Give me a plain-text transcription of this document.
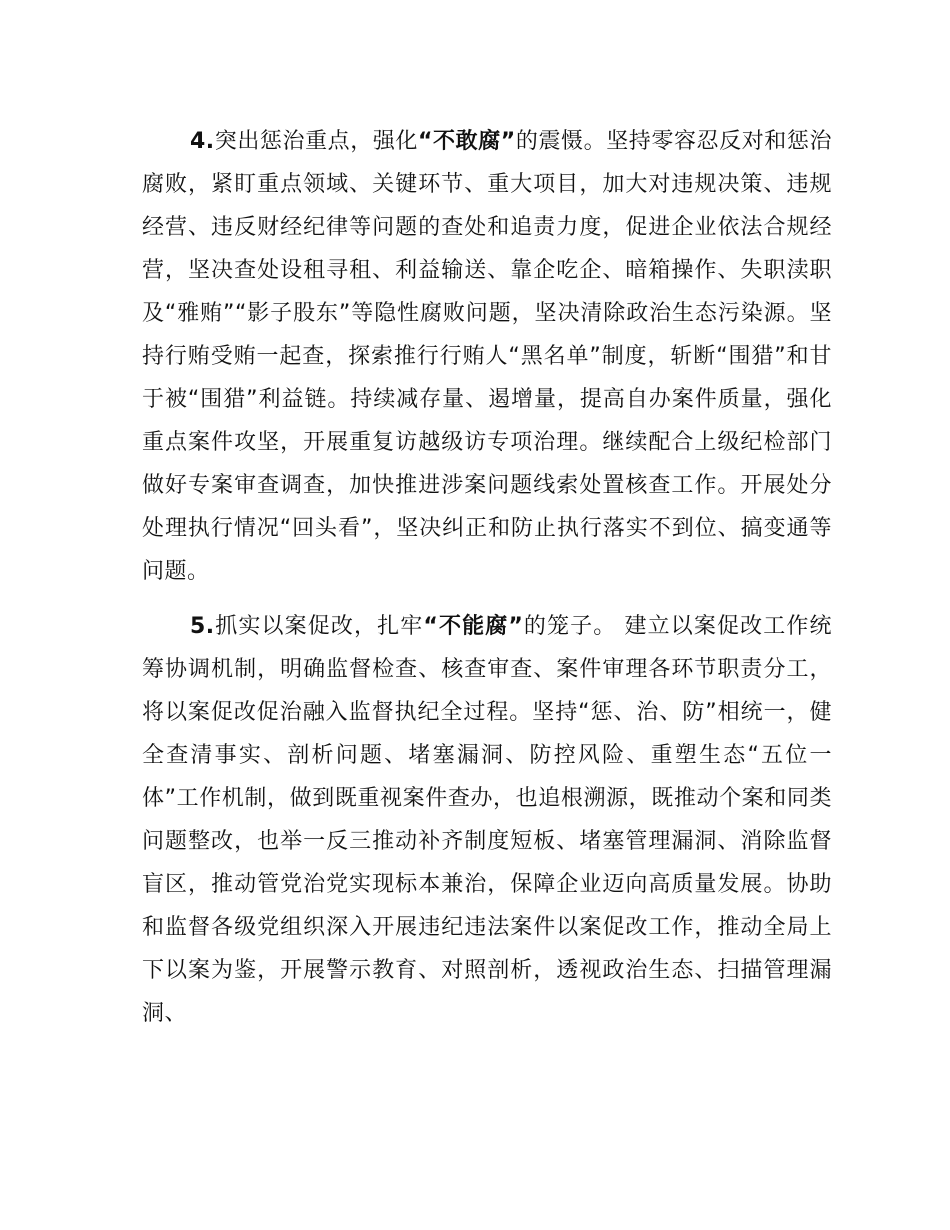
4.突出惩治重点，强化“不敢腐”的震慑。坚持零容忍反对和惩治腐败，紧盯重点领域、关键环节、重大项目，加大对违规决策、违规经营、违反财经纪律等问题的查处和追责力度，促进企业依法合规经营，坚决查处设租寻租、利益输送、靠企吃企、暗箱操作、失职渎职及“雅贿”“影子股东”等隐性腐败问题，坚决清除政治生态污染源。坚持行贿受贿一起查，探索推行行贿人“黑名单”制度，斩断“围猎”和甘于被“围猎”利益链。持续减存量、遏增量，提高自办案件质量，强化重点案件攻坚，开展重复访越级访专项治理。继续配合上级纪检部门做好专案审查调查，加快推进涉案问题线索处置核查工作。开展处分处理执行情况“回头看”，坚决纠正和防止执行落实不到位、搞变通等问题。

5.抓实以案促改，扎牢“不能腐”的笼子。 建立以案促改工作统筹协调机制，明确监督检查、核查审查、案件审理各环节职责分工，将以案促改促治融入监督执纪全过程。坚持“惩、治、防”相统一，健全查清事实、剖析问题、堵塞漏洞、防控风险、重塑生态“五位一体”工作机制，做到既重视案件查办，也追根溯源，既推动个案和同类问题整改，也举一反三推动补齐制度短板、堵塞管理漏洞、消除监督盲区，推动管党治党实现标本兼治，保障企业迈向高质量发展。协助和监督各级党组织深入开展违纪违法案件以案促改工作，推动全局上下以案为鉴，开展警示教育、对照剖析，透视政治生态、扫描管理漏洞、
